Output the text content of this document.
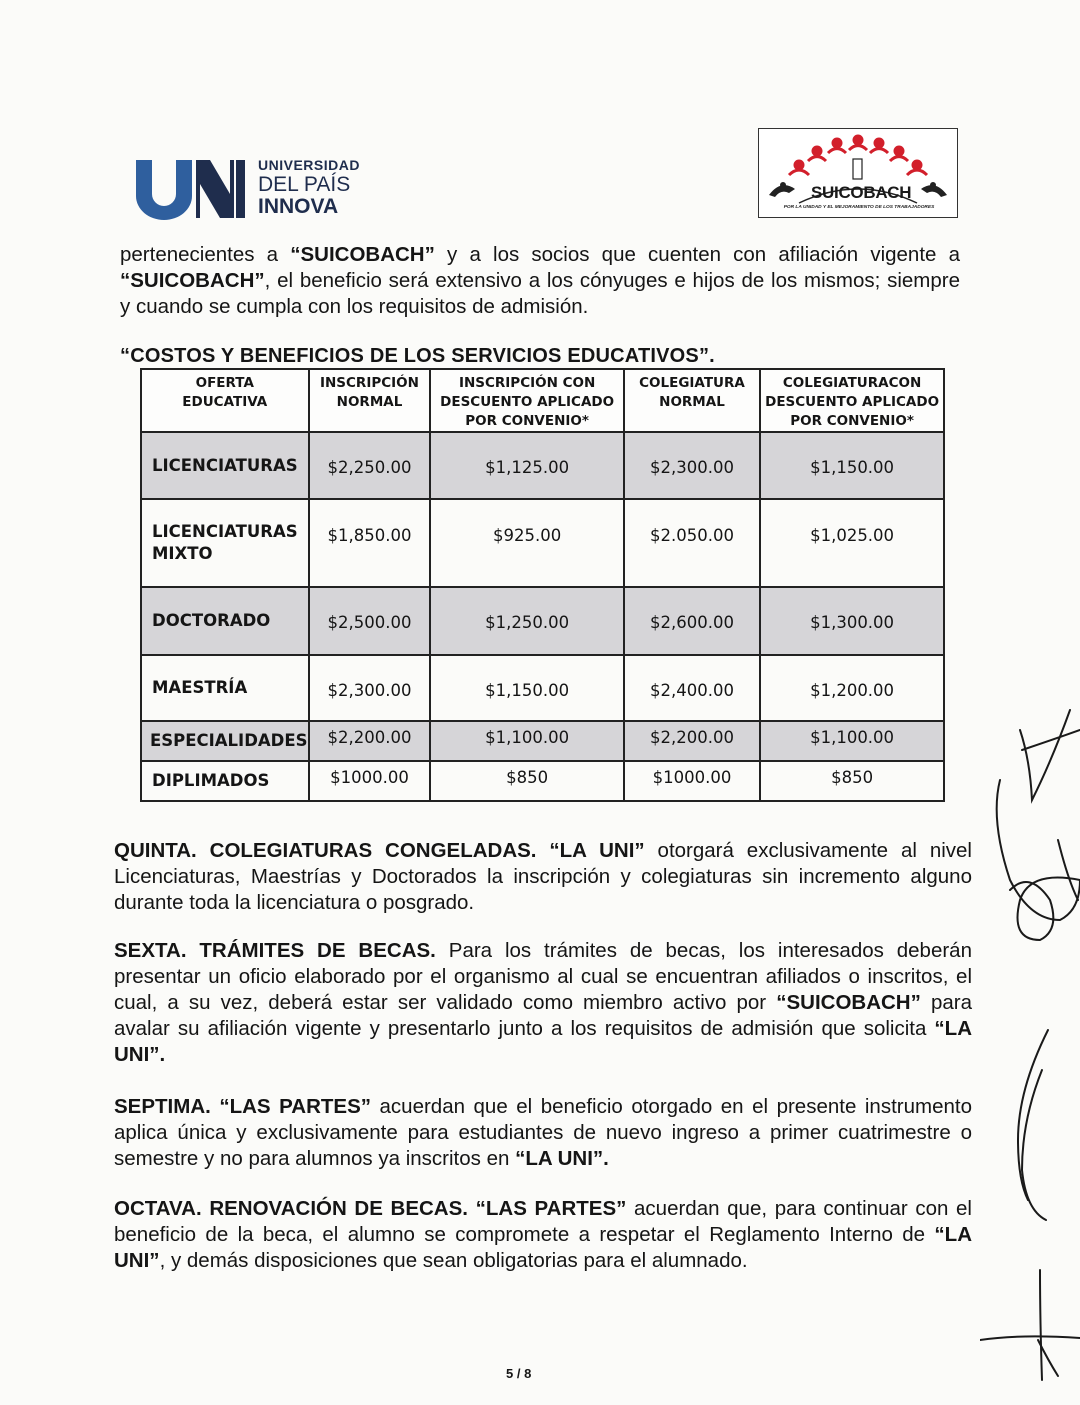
UNIVERSIDAD
DEL PAÍS
INNOVA
SUICOBACH
POR LA UNIDAD Y EL MEJORAMIENTO DE LOS TRABAJADORES
pertenecientes a “SUICOBACH” y a los socios que cuenten con afiliación vigente a “SUICOBACH”, el beneficio será extensivo a los cónyuges e hijos de los mismos; siempre y cuando se cumpla con los requisitos de admisión.
“COSTOS Y BENEFICIOS DE LOS SERVICIOS EDUCATIVOS”.
OFERTA EDUCATIVA	INSCRIPCIÓN NORMAL	INSCRIPCIÓN CON DESCUENTO APLICADO POR CONVENIO*	COLEGIATURA NORMAL	COLEGIATURACON DESCUENTO APLICADO POR CONVENIO*
LICENCIATURAS	$2,250.00	$1,125.00	$2,300.00	$1,150.00
LICENCIATURAS MIXTO	$1,850.00	$925.00	$2.050.00	$1,025.00
DOCTORADO	$2,500.00	$1,250.00	$2,600.00	$1,300.00
MAESTRÍA	$2,300.00	$1,150.00	$2,400.00	$1,200.00
ESPECIALIDADES	$2,200.00	$1,100.00	$2,200.00	$1,100.00
DIPLIMADOS	$1000.00	$850	$1000.00	$850
QUINTA. COLEGIATURAS CONGELADAS. “LA UNI” otorgará exclusivamente al nivel Licenciaturas, Maestrías y Doctorados la inscripción y colegiaturas sin incremento alguno durante toda la licenciatura o posgrado.
SEXTA. TRÁMITES DE BECAS. Para los trámites de becas, los interesados deberán presentar un oficio elaborado por el organismo al cual se encuentran afiliados o inscritos, el cual, a su vez, deberá estar ser validado como miembro activo por “SUICOBACH” para avalar su afiliación vigente y presentarlo junto a los requisitos de admisión que solicita “LA UNI”.
SEPTIMA. “LAS PARTES” acuerdan que el beneficio otorgado en el presente instrumento aplica única y exclusivamente para estudiantes de nuevo ingreso a primer cuatrimestre o semestre y no para alumnos ya inscritos en “LA UNI”.
OCTAVA. RENOVACIÓN DE BECAS. “LAS PARTES” acuerdan que, para continuar con el beneficio de la beca, el alumno se compromete a respetar el Reglamento Interno de “LA UNI”, y demás disposiciones que sean obligatorias para el alumnado.
5 / 8
